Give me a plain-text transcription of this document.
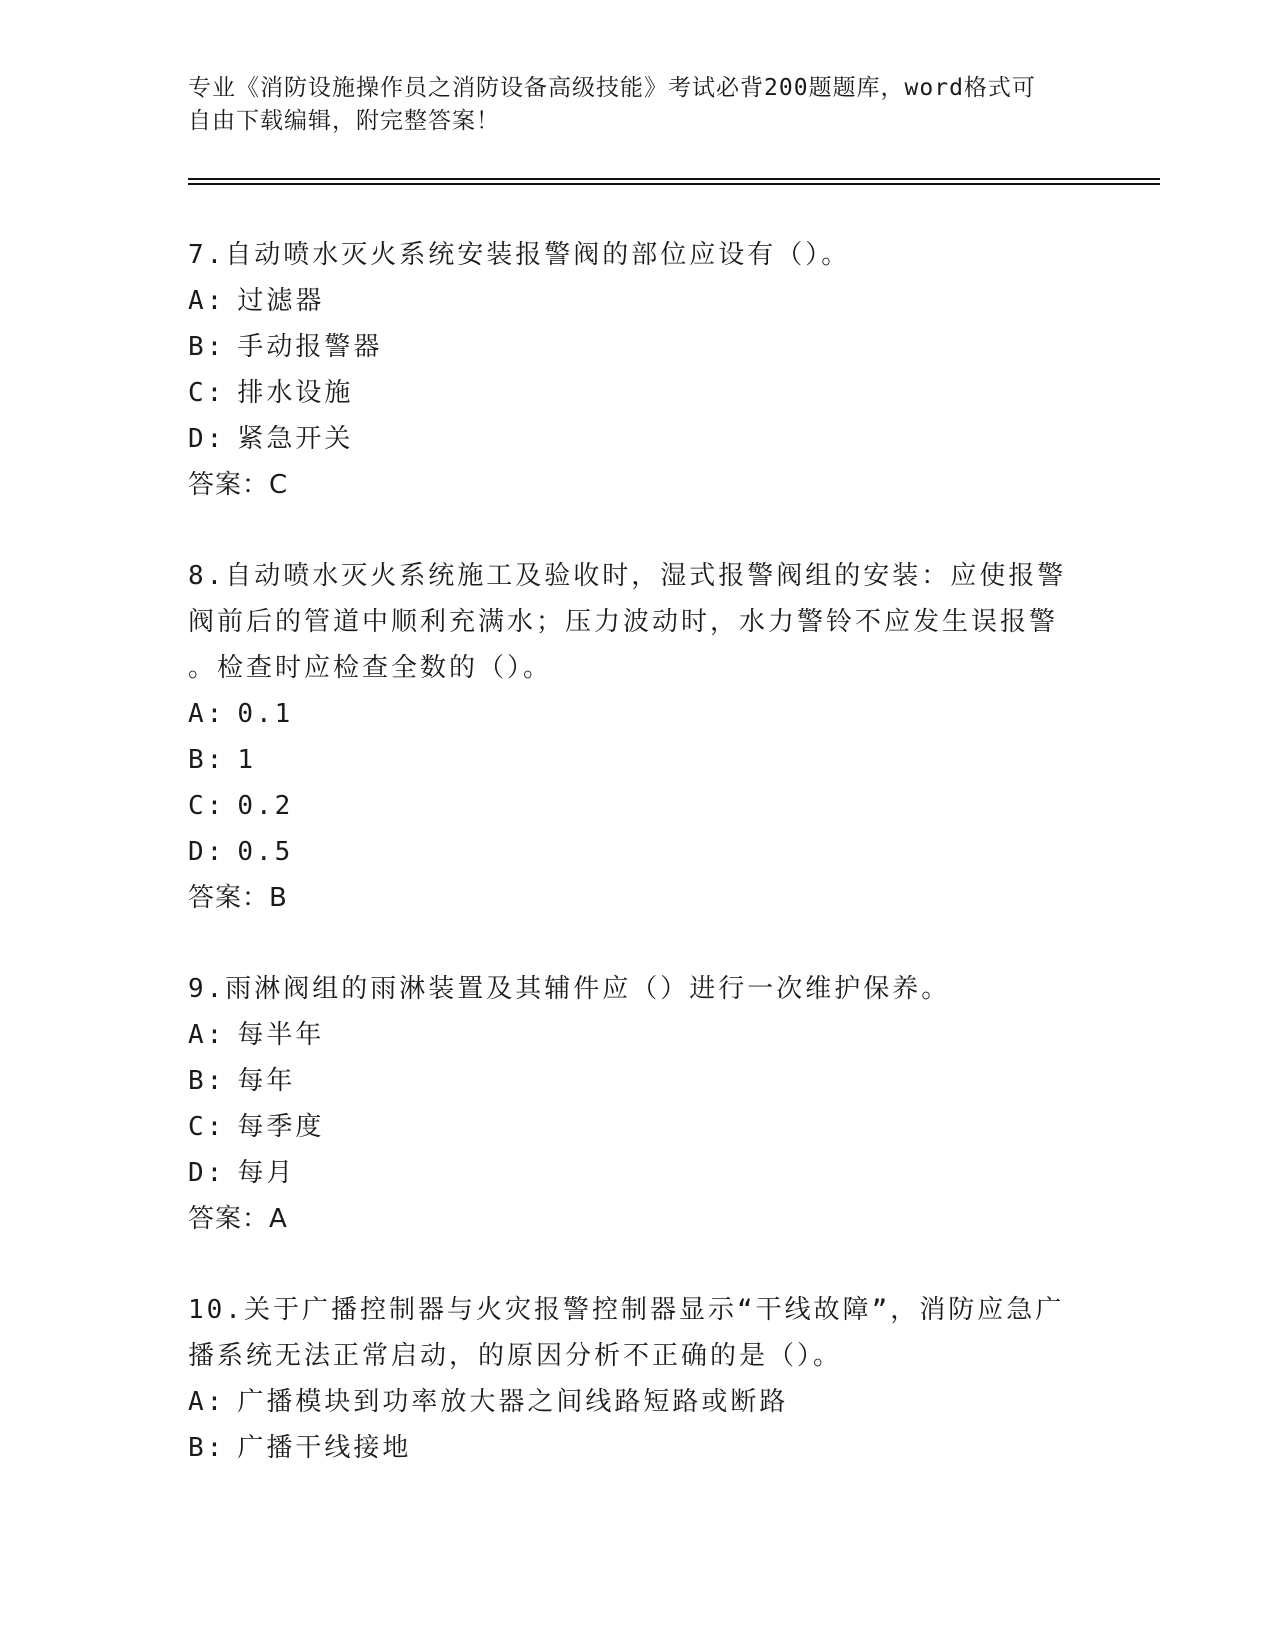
专业《消防设施操作员之消防设备高级技能》考试必背200题题库，word格式可
自由下载编辑，附完整答案！
7.自动喷水灭火系统安装报警阀的部位应设有（）。
A: 过滤器
B: 手动报警器
C: 排水设施
D: 紧急开关
答案：C
8.自动喷水灭火系统施工及验收时，湿式报警阀组的安装：应使报警
阀前后的管道中顺利充满水；压力波动时，水力警铃不应发生误报警
。检查时应检查全数的（）。
A: 0.1
B: 1
C: 0.2
D: 0.5
答案：B
9.雨淋阀组的雨淋装置及其辅件应（）进行一次维护保养。
A: 每半年
B: 每年
C: 每季度
D: 每月
答案：A
10.关于广播控制器与火灾报警控制器显示“干线故障”，消防应急广
播系统无法正常启动，的原因分析不正确的是（）。
A: 广播模块到功率放大器之间线路短路或断路
B: 广播干线接地
